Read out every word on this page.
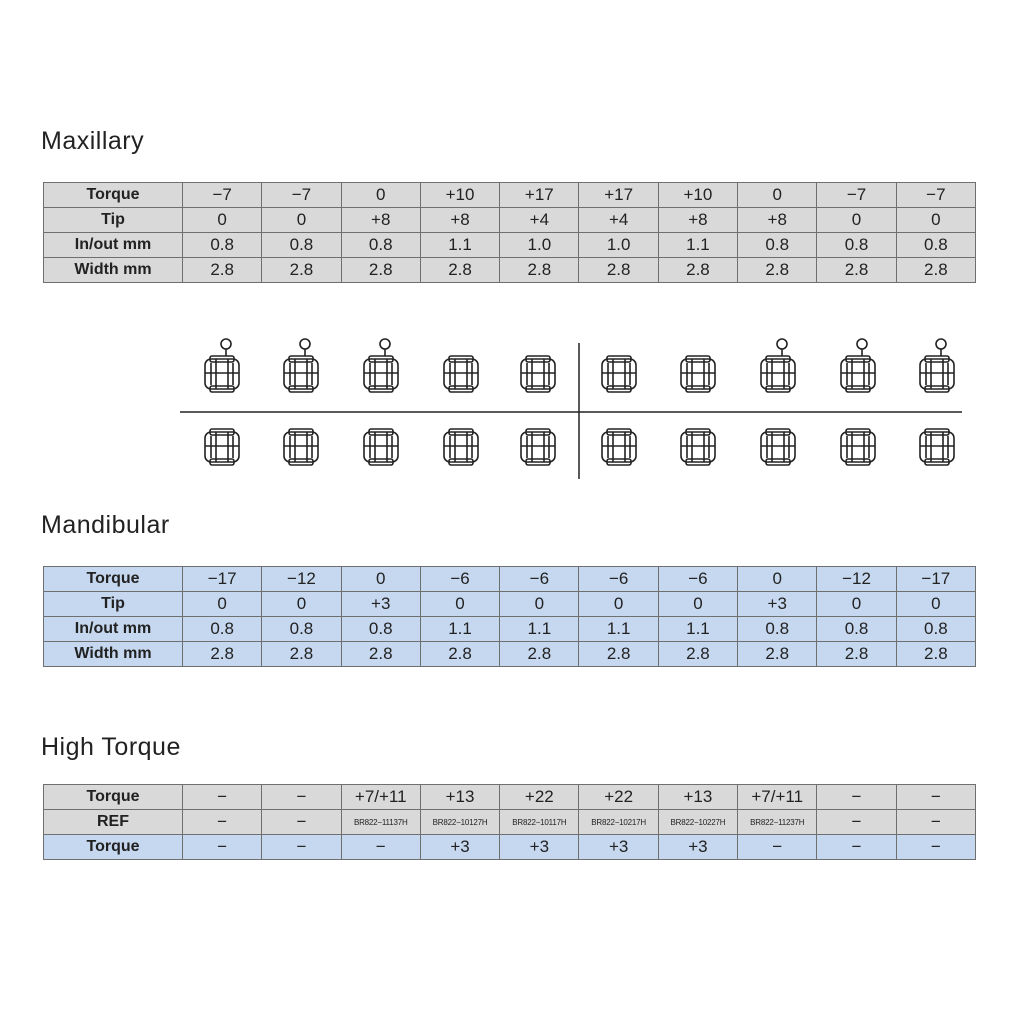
Maxillary
Torque	−7	−7	0	+10	+17	+17	+10	0	−7	−7
Tip	0	0	+8	+8	+4	+4	+8	+8	0	0
In/out mm	0.8	0.8	0.8	1.1	1.0	1.0	1.1	0.8	0.8	0.8
Width mm	2.8	2.8	2.8	2.8	2.8	2.8	2.8	2.8	2.8	2.8
Mandibular
Torque	−17	−12	0	−6	−6	−6	−6	0	−12	−17
Tip	0	0	+3	0	0	0	0	+3	0	0
In/out mm	0.8	0.8	0.8	1.1	1.1	1.1	1.1	0.8	0.8	0.8
Width mm	2.8	2.8	2.8	2.8	2.8	2.8	2.8	2.8	2.8	2.8
High Torque
Torque	−	−	+7/+11	+13	+22	+22	+13	+7/+11	−	−
REF	−	−	BR822−11137H	BR822−10127H	BR822−10117H	BR822−10217H	BR822−10227H	BR822−11237H	−	−
Torque	−	−	−	+3	+3	+3	+3	−	−	−
